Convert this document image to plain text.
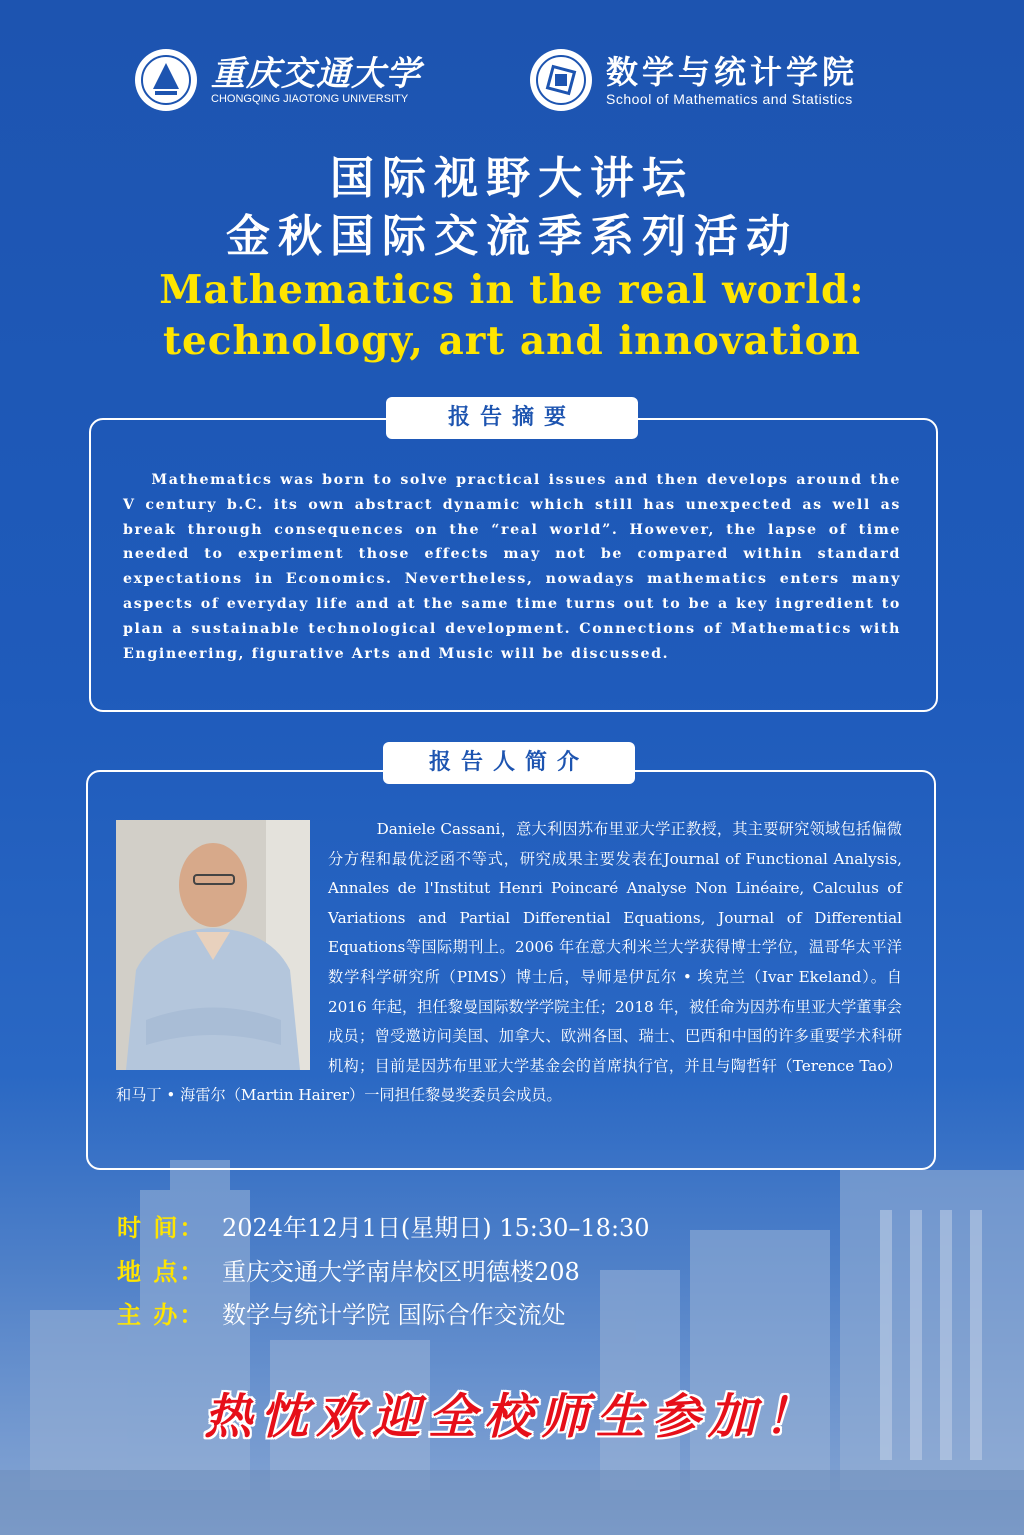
重庆交通大学
CHONGQING JIAOTONG UNIVERSITY
数学与统计学院
School of Mathematics and Statistics
国际视野大讲坛
金秋国际交流季系列活动
Mathematics in the real world:
technology, art and innovation
报告摘要
Mathematics was born to solve practical issues and then develops around the V century b.C. its own abstract dynamic which still has unexpected as well as break through consequences on the “real world”. However, the lapse of time needed to experiment those effects may not be compared within standard expectations in Economics. Nevertheless, nowadays mathematics enters many aspects of everyday life and at the same time turns out to be a key ingredient to plan a sustainable technological development. Connections of Mathematics with Engineering, figurative Arts and Music will be discussed.
报告人简介
Daniele Cassani，意大利因苏布里亚大学正教授，其主要研究领域包括偏微分方程和最优泛函不等式，研究成果主要发表在Journal of Functional Analysis, Annales de l'Institut Henri Poincaré Analyse Non Linéaire, Calculus of Variations and Partial Differential Equations, Journal of Differential Equations等国际期刊上。2006 年在意大利米兰大学获得博士学位，温哥华太平洋数学科学研究所（PIMS）博士后，导师是伊瓦尔 • 埃克兰（Ivar Ekeland）。自 2016 年起，担任黎曼国际数学学院主任；2018 年，被任命为因苏布里亚大学董事会成员；曾受邀访问美国、加拿大、欧洲各国、瑞士、巴西和中国的许多重要学术科研机构；目前是因苏布里亚大学基金会的首席执行官，并且与陶哲轩（Terence Tao）和马丁 • 海雷尔（Martin Hairer）一同担任黎曼奖委员会成员。
时 间： 2024年12月1日(星期日) 15:30–18:30
地 点： 重庆交通大学南岸校区明德楼208
主 办： 数学与统计学院 国际合作交流处
热忱欢迎全校师生参加！
